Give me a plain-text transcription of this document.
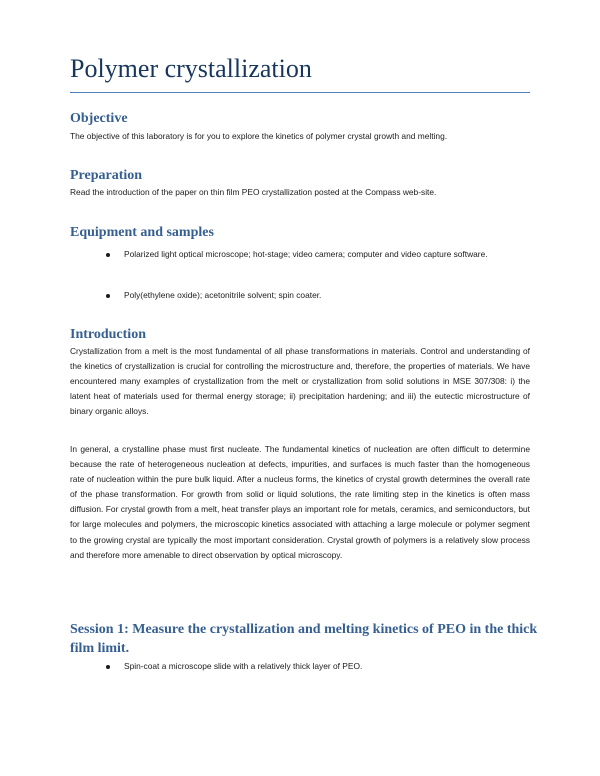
Polymer crystallization
Objective

The objective of this laboratory is for you to explore the kinetics of polymer crystal growth and melting.

Preparation

Read the introduction of the paper on thin film PEO crystallization posted at the Compass web-site.

Equipment and samples
Polarized light optical microscope; hot-stage; video camera; computer and video capture software.
Poly(ethylene oxide); acetonitrile solvent; spin coater.
Introduction

Crystallization from a melt is the most fundamental of all phase transformations in materials. Control and understanding of the kinetics of crystallization is crucial for controlling the microstructure and, therefore, the properties of materials. We have encountered many examples of crystallization from the melt or crystallization from solid solutions in MSE 307/308: i) the latent heat of materials used for thermal energy storage; ii) precipitation hardening; and iii) the eutectic microstructure of binary organic alloys.

In general, a crystalline phase must first nucleate. The fundamental kinetics of nucleation are often difficult to determine because the rate of heterogeneous nucleation at defects, impurities, and surfaces is much faster than the homogeneous rate of nucleation within the pure bulk liquid. After a nucleus forms, the kinetics of crystal growth determines the overall rate of the phase transformation. For growth from solid or liquid solutions, the rate limiting step in the kinetics is often mass diffusion. For crystal growth from a melt, heat transfer plays an important role for metals, ceramics, and semiconductors, but for large molecules and polymers, the microscopic kinetics associated with attaching a large molecule or polymer segment to the growing crystal are typically the most important consideration. Crystal growth of polymers is a relatively slow process and therefore more amenable to direct observation by optical microscopy.

Session 1: Measure the crystallization and melting kinetics of PEO in the thick film limit.
Spin-coat a microscope slide with a relatively thick layer of PEO.
